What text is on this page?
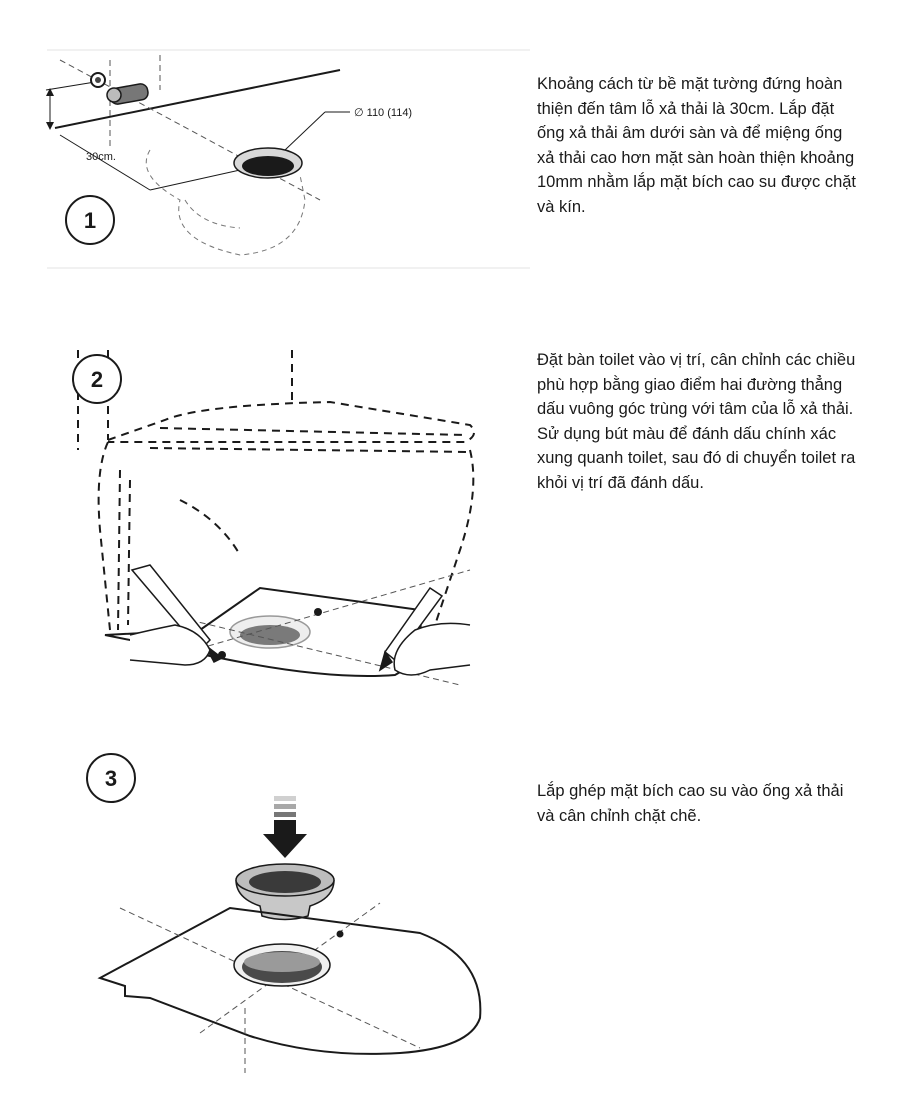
30cm.
∅ 110 (114)
1

Khoảng cách từ bề mặt tường đứng hoàn thiện đến tâm lỗ xả thải là 30cm. Lắp đặt ống xả thải âm dưới sàn và để miệng ống xả thải cao hơn mặt sàn hoàn thiện khoảng 10mm nhằm lắp mặt bích cao su được chặt và kín.

2

Đặt bàn toilet vào vị trí, cân chỉnh các chiều phù hợp bằng giao điểm hai đường thẳng dấu vuông góc trùng với tâm của lỗ xả thải. Sử dụng bút màu để đánh dấu chính xác xung quanh toilet, sau đó di chuyển toilet ra khỏi vị trí đã đánh dấu.

3	Lắp ghép mặt bích cao su vào ống xả thải và cân chỉnh chặt chẽ.
